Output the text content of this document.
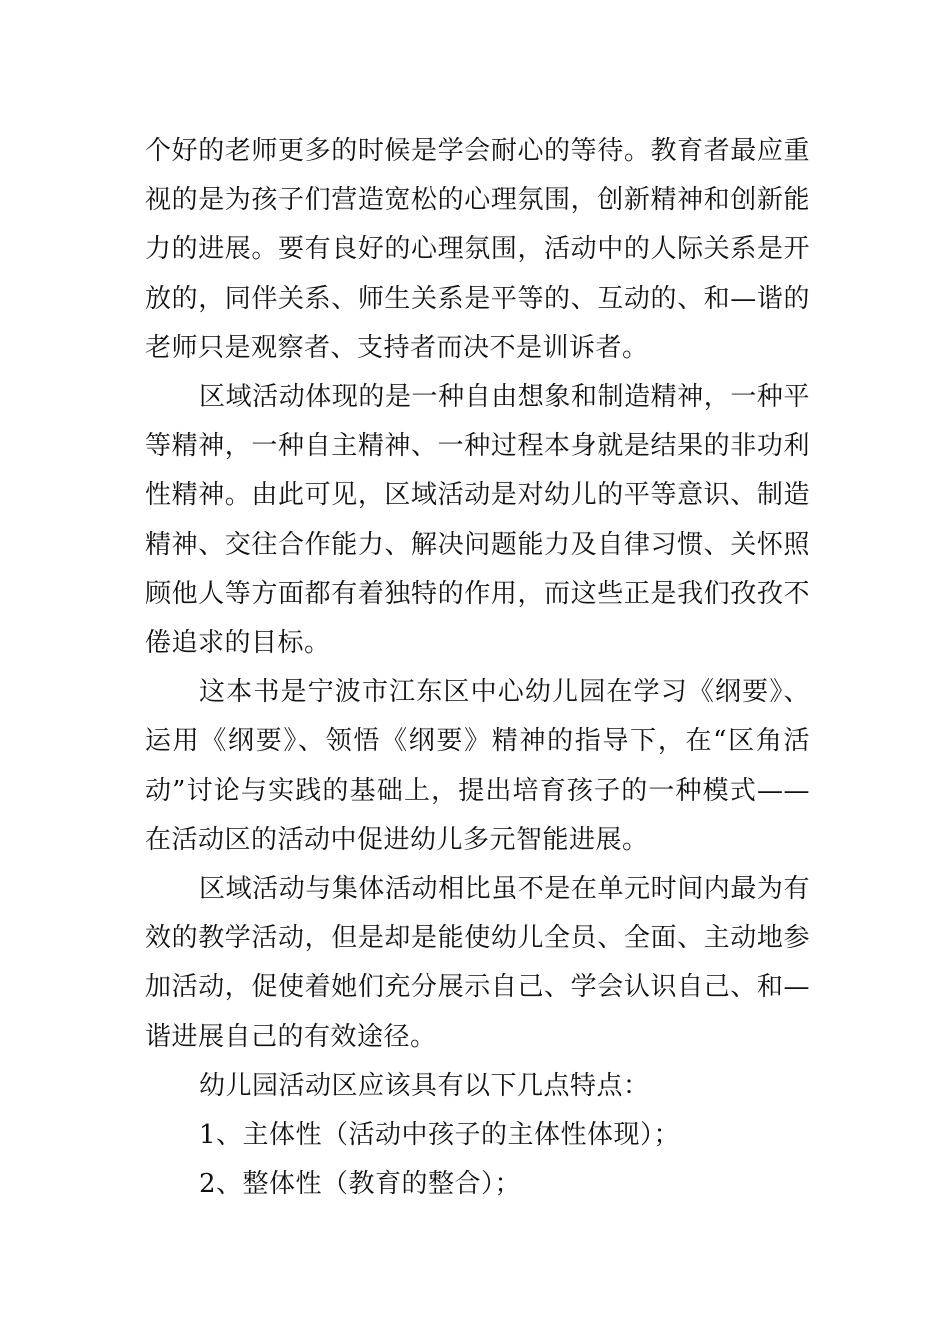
个好的老师更多的时候是学会耐心的等待。教育者最应重视的是为孩子们营造宽松的心理氛围，创新精神和创新能力的进展。要有良好的心理氛围，活动中的人际关系是开放的，同伴关系、师生关系是平等的、互动的、和—谐的老师只是观察者、支持者而决不是训诉者。

区域活动体现的是一种自由想象和制造精神，一种平等精神，一种自主精神、一种过程本身就是结果的非功利性精神。由此可见，区域活动是对幼儿的平等意识、制造精神、交往合作能力、解决问题能力及自律习惯、关怀照顾他人等方面都有着独特的作用，而这些正是我们孜孜不倦追求的目标。

这本书是宁波市江东区中心幼儿园在学习《纲要》、运用《纲要》、领悟《纲要》精神的指导下，在“区角活动”讨论与实践的基础上，提出培育孩子的一种模式——在活动区的活动中促进幼儿多元智能进展。

区域活动与集体活动相比虽不是在单元时间内最为有效的教学活动，但是却是能使幼儿全员、全面、主动地参加活动，促使着她们充分展示自己、学会认识自己、和—谐进展自己的有效途径。

幼儿园活动区应该具有以下几点特点：

1、主体性（活动中孩子的主体性体现）；

2、整体性（教育的整合）；
